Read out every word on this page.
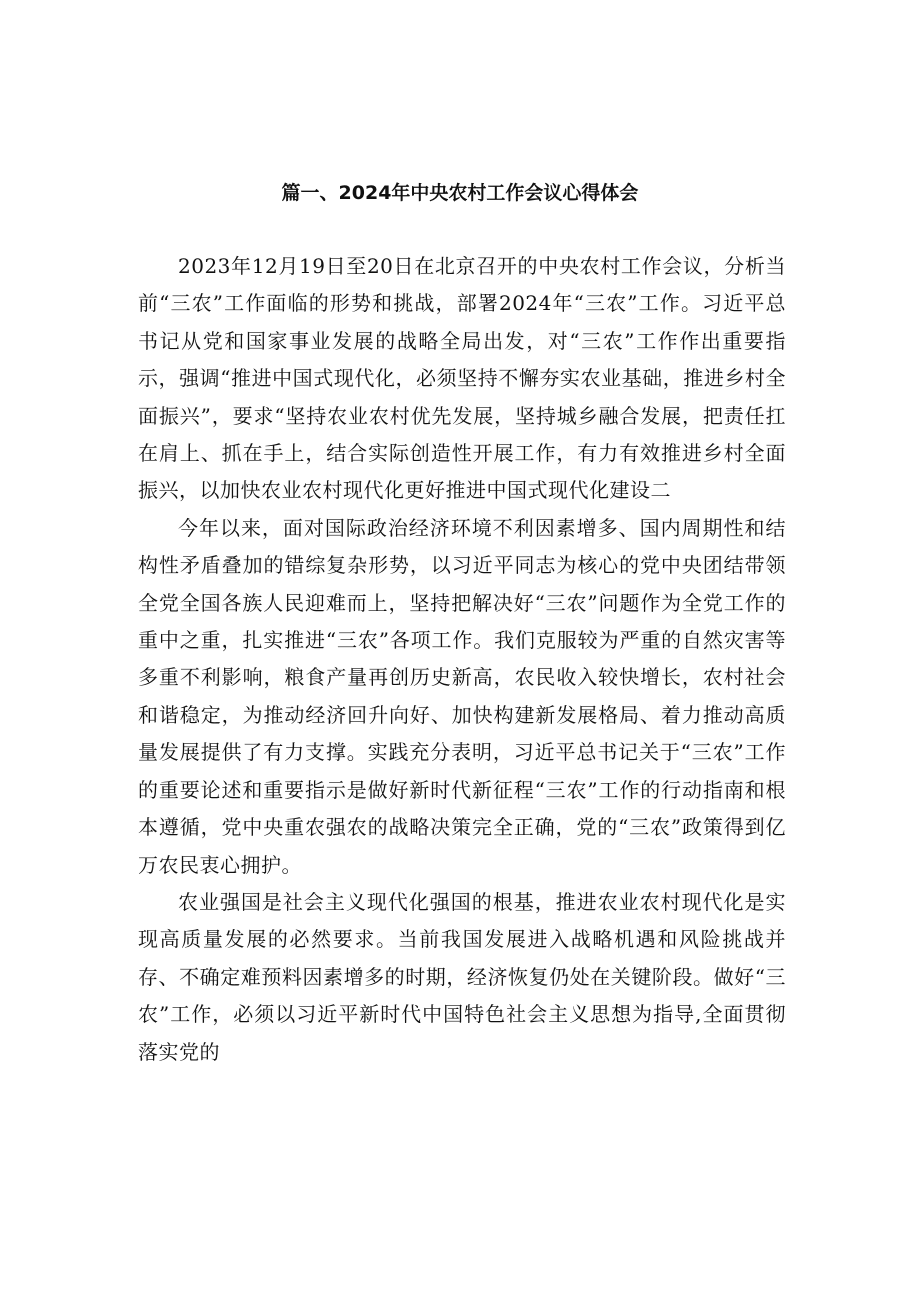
篇一、2024年中央农村工作会议心得体会

2023年12月19日至20日在北京召开的中央农村工作会议，分析当前“三农”工作面临的形势和挑战，部署2024年“三农”工作。习近平总书记从党和国家事业发展的战略全局出发，对“三农”工作作出重要指示，强调“推进中国式现代化，必须坚持不懈夯实农业基础，推进乡村全面振兴”，要求“坚持农业农村优先发展，坚持城乡融合发展，把责任扛在肩上、抓在手上，结合实际创造性开展工作，有力有效推进乡村全面振兴，以加快农业农村现代化更好推进中国式现代化建设二

今年以来，面对国际政治经济环境不利因素增多、国内周期性和结构性矛盾叠加的错综复杂形势，以习近平同志为核心的党中央团结带领全党全国各族人民迎难而上，坚持把解决好“三农”问题作为全党工作的重中之重，扎实推进“三农”各项工作。我们克服较为严重的自然灾害等多重不利影响，粮食产量再创历史新高，农民收入较快增长，农村社会和谐稳定，为推动经济回升向好、加快构建新发展格局、着力推动高质量发展提供了有力支撑。实践充分表明，习近平总书记关于“三农”工作的重要论述和重要指示是做好新时代新征程“三农”工作的行动指南和根本遵循，党中央重农强农的战略决策完全正确，党的“三农”政策得到亿万农民衷心拥护。

农业强国是社会主义现代化强国的根基，推进农业农村现代化是实现高质量发展的必然要求。当前我国发展进入战略机遇和风险挑战并存、不确定难预料因素增多的时期，经济恢复仍处在关键阶段。做好“三农”工作，必须以习近平新时代中国特色社会主义思想为指导,全面贯彻落实党的
